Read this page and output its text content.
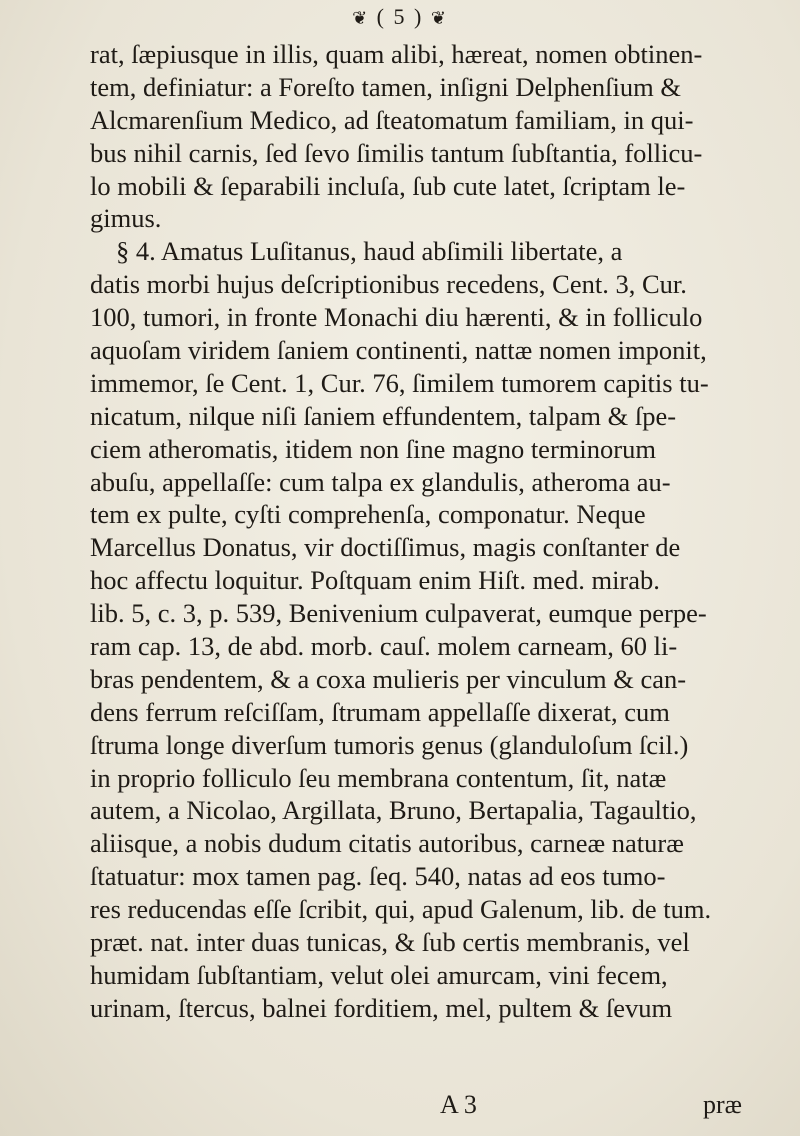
❦ ( 5 ) ❦
rat, ſæpiusque in illis, quam alibi, hæreat, nomen obtinen-
tem, definiatur: a Foreſto tamen, inſigni Delphenſium &
Alcmarenſium Medico, ad ſteatomatum familiam, in qui-
bus nihil carnis, ſed ſevo ſimilis tantum ſubſtantia, follicu-
lo mobili & ſeparabili incluſa, ſub cute latet, ſcriptam le-
gimus.
§ 4. Amatus Luſitanus, haud abſimili libertate, a
datis morbi hujus deſcriptionibus recedens, Cent. 3, Cur.
100, tumori, in fronte Monachi diu hærenti, & in folliculo
aquoſam viridem ſaniem continenti, nattæ nomen imponit,
immemor, ſe Cent. 1, Cur. 76, ſimilem tumorem capitis tu-
nicatum, nilque niſi ſaniem effundentem, talpam & ſpe-
ciem atheromatis, itidem non ſine magno terminorum
abuſu, appellaſſe: cum talpa ex glandulis, atheroma au-
tem ex pulte, cyſti comprehenſa, componatur. Neque
Marcellus Donatus, vir doctiſſimus, magis conſtanter de
hoc affectu loquitur. Poſtquam enim Hiſt. med. mirab.
lib. 5, c. 3, p. 539, Benivenium culpaverat, eumque perpe-
ram cap. 13, de abd. morb. cauſ. molem carneam, 60 li-
bras pendentem, & a coxa mulieris per vinculum & can-
dens ferrum reſciſſam, ſtrumam appellaſſe dixerat, cum
ſtruma longe diverſum tumoris genus (glanduloſum ſcil.)
in proprio folliculo ſeu membrana contentum, ſit, natæ
autem, a Nicolao, Argillata, Bruno, Bertapalia, Tagaultio,
aliisque, a nobis dudum citatis autoribus, carneæ naturæ
ſtatuatur: mox tamen pag. ſeq. 540, natas ad eos tumo-
res reducendas eſſe ſcribit, qui, apud Galenum, lib. de tum.
præt. nat. inter duas tunicas, & ſub certis membranis, vel
humidam ſubſtantiam, velut olei amurcam, vini fecem,
urinam, ſtercus, balnei forditiem, mel, pultem & ſevum
A 3	præ
